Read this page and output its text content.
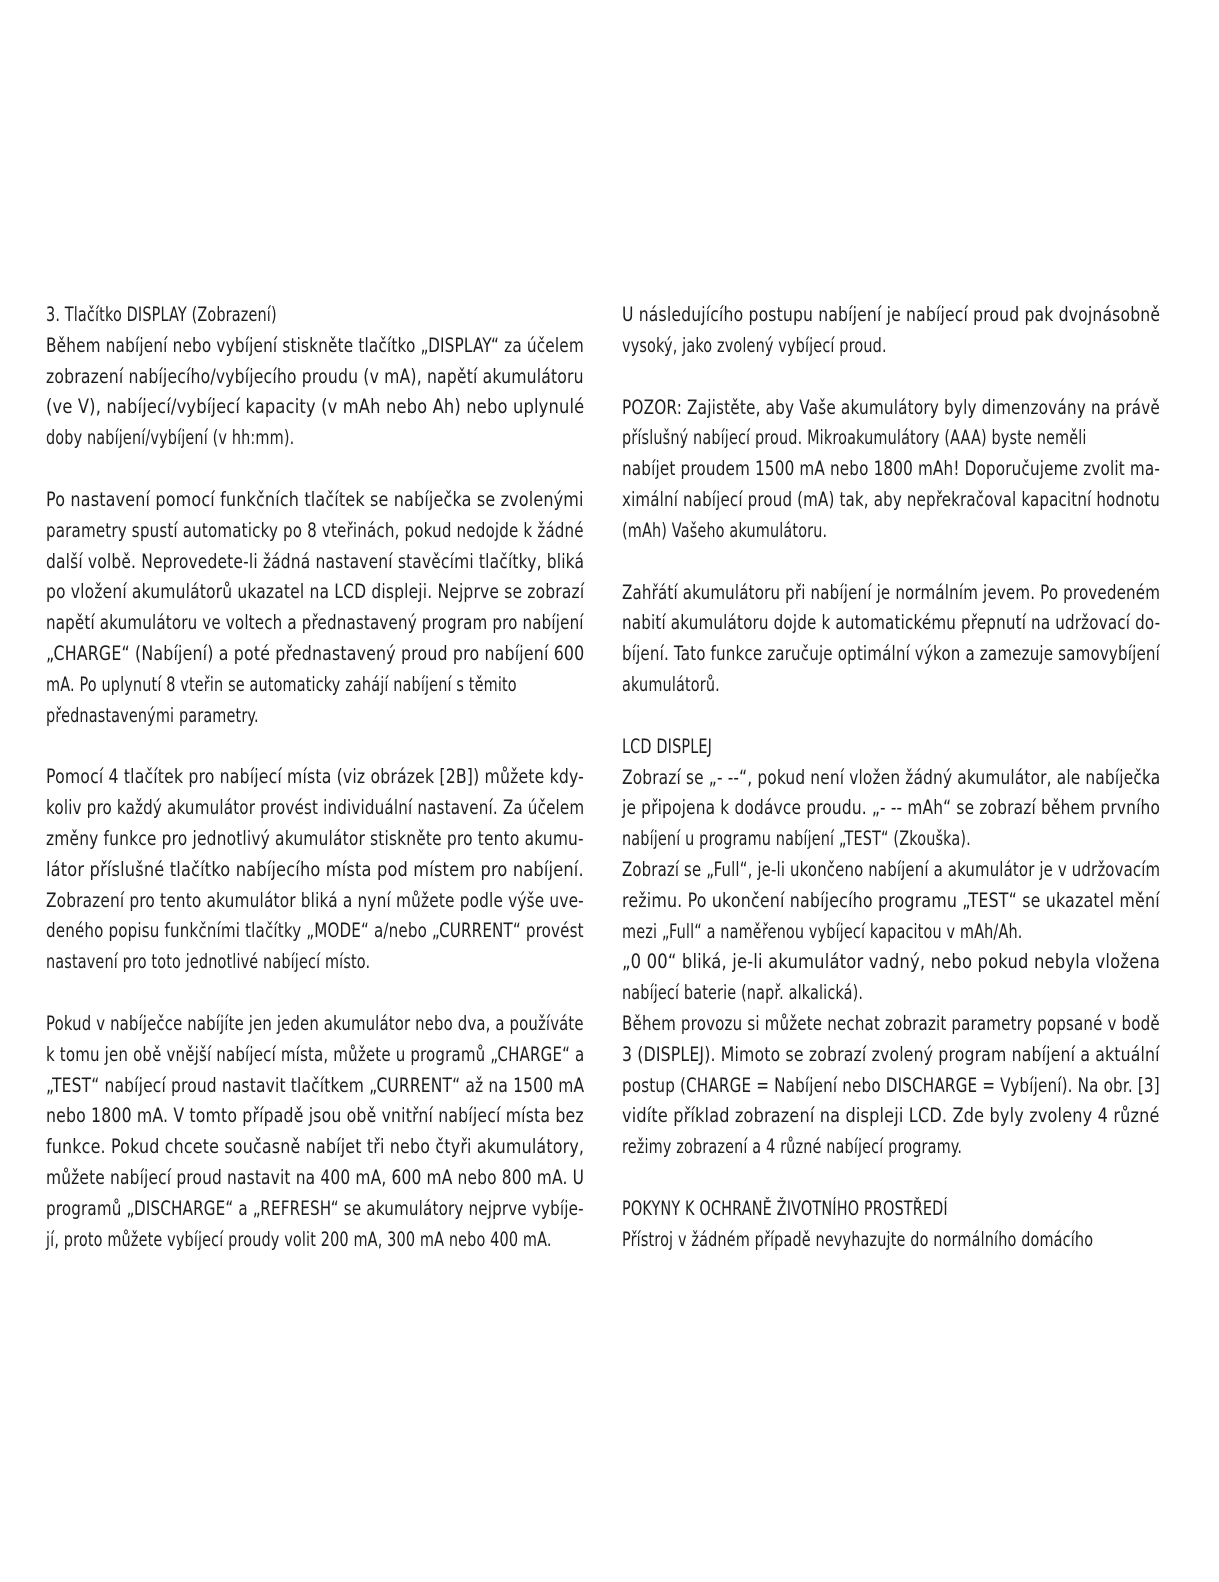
3. Tlačítko DISPLAY (Zobrazení)
Během nabíjení nebo vybíjení stiskněte tlačítko „DISPLAY“ za účelem
zobrazení nabíjecího/vybíjecího proudu (v mA), napětí akumulátoru
(ve V), nabíjecí/vybíjecí kapacity (v mAh nebo Ah) nebo uplynulé
doby nabíjení/vybíjení (v hh:mm).
Po nastavení pomocí funkčních tlačítek se nabíječka se zvolenými
parametry spustí automaticky po 8 vteřinách, pokud nedojde k žádné
další volbě. Neprovedete-li žádná nastavení stavěcími tlačítky, bliká
po vložení akumulátorů ukazatel na LCD displeji. Nejprve se zobrazí
napětí akumulátoru ve voltech a přednastavený program pro nabíjení
„CHARGE“ (Nabíjení) a poté přednastavený proud pro nabíjení 600
mA. Po uplynutí 8 vteřin se automaticky zahájí nabíjení s těmito
přednastavenými parametry.
Pomocí 4 tlačítek pro nabíjecí místa (viz obrázek [2B]) můžete kdy-
koliv pro každý akumulátor provést individuální nastavení. Za účelem
změny funkce pro jednotlivý akumulátor stiskněte pro tento akumu-
látor příslušné tlačítko nabíjecího místa pod místem pro nabíjení.
Zobrazení pro tento akumulátor bliká a nyní můžete podle výše uve-
deného popisu funkčními tlačítky „MODE“ a/nebo „CURRENT“ provést
nastavení pro toto jednotlivé nabíjecí místo.
Pokud v nabíječce nabíjíte jen jeden akumulátor nebo dva, a používáte
k tomu jen obě vnější nabíjecí místa, můžete u programů „CHARGE“ a
„TEST“ nabíjecí proud nastavit tlačítkem „CURRENT“ až na 1500 mA
nebo 1800 mA. V tomto případě jsou obě vnitřní nabíjecí místa bez
funkce. Pokud chcete současně nabíjet tři nebo čtyři akumulátory,
můžete nabíjecí proud nastavit na 400 mA, 600 mA nebo 800 mA. U
programů „DISCHARGE“ a „REFRESH“ se akumulátory nejprve vybíje-
jí, proto můžete vybíjecí proudy volit 200 mA, 300 mA nebo 400 mA.
U následujícího postupu nabíjení je nabíjecí proud pak dvojnásobně
vysoký, jako zvolený vybíjecí proud.
POZOR: Zajistěte, aby Vaše akumulátory byly dimenzovány na právě
příslušný nabíjecí proud. Mikroakumulátory (AAA) byste neměli
nabíjet proudem 1500 mA nebo 1800 mAh! Doporučujeme zvolit ma-
ximální nabíjecí proud (mA) tak, aby nepřekračoval kapacitní hodnotu
(mAh) Vašeho akumulátoru.
Zahřátí akumulátoru při nabíjení je normálním jevem. Po provedeném
nabití akumulátoru dojde k automatickému přepnutí na udržovací do-
bíjení. Tato funkce zaručuje optimální výkon a zamezuje samovybíjení
akumulátorů.
LCD DISPLEJ
Zobrazí se „- --“, pokud není vložen žádný akumulátor, ale nabíječka
je připojena k dodávce proudu. „- -- mAh“ se zobrazí během prvního
nabíjení u programu nabíjení „TEST“ (Zkouška).
Zobrazí se „Full“, je-li ukončeno nabíjení a akumulátor je v udržovacím
režimu. Po ukončení nabíjecího programu „TEST“ se ukazatel mění
mezi „Full“ a naměřenou vybíjecí kapacitou v mAh/Ah.
„0 00“ bliká, je-li akumulátor vadný, nebo pokud nebyla vložena
nabíjecí baterie (např. alkalická).
Během provozu si můžete nechat zobrazit parametry popsané v bodě
3 (DISPLEJ). Mimoto se zobrazí zvolený program nabíjení a aktuální
postup (CHARGE = Nabíjení nebo DISCHARGE = Vybíjení). Na obr. [3]
vidíte příklad zobrazení na displeji LCD. Zde byly zvoleny 4 různé
režimy zobrazení a 4 různé nabíjecí programy.
POKYNY K OCHRANĚ ŽIVOTNÍHO PROSTŘEDÍ
Přístroj v žádném případě nevyhazujte do normálního domácího
